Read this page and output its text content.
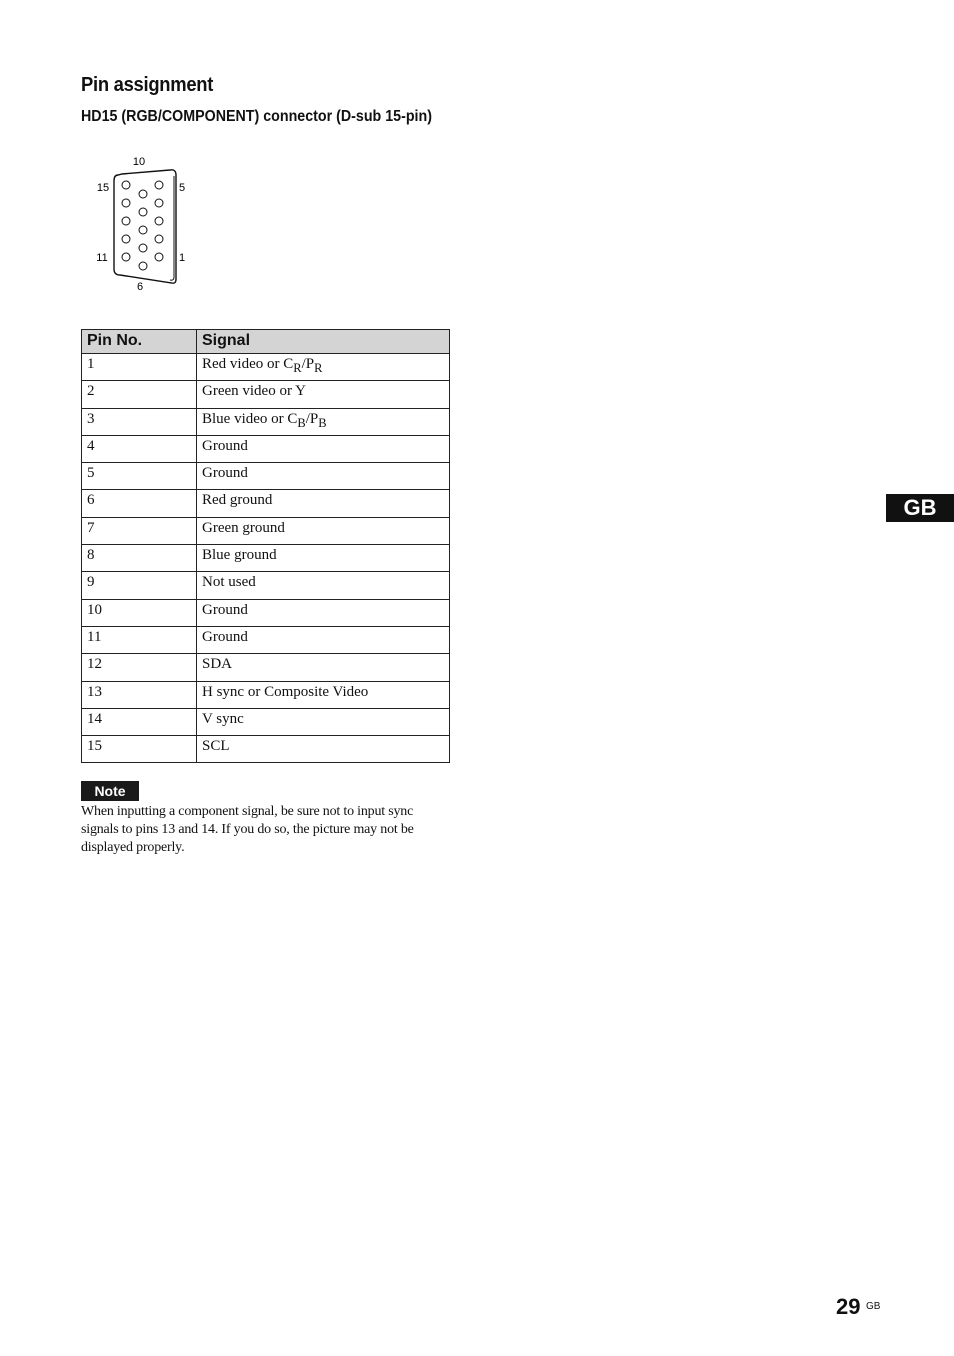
Pin assignment
HD15 (RGB/COMPONENT) connector (D-sub 15-pin)
10
15	5
11	1
6
Pin No.	Signal
1	Red video or $C_R/P_R$
2	Green video or Y
3	Blue video or $C_B/P_B$
4	Ground
5	Ground
6	Red ground
7	Green ground
8	Blue ground
9	Not used
10	Ground
11	Ground
12	SDA
13	H sync or Composite Video
14	V sync
15	SCL
Note
When inputting a component signal, be sure not to input sync signals to pins 13 and 14. If you do so, the picture may not be displayed properly.
GB
29 GB
